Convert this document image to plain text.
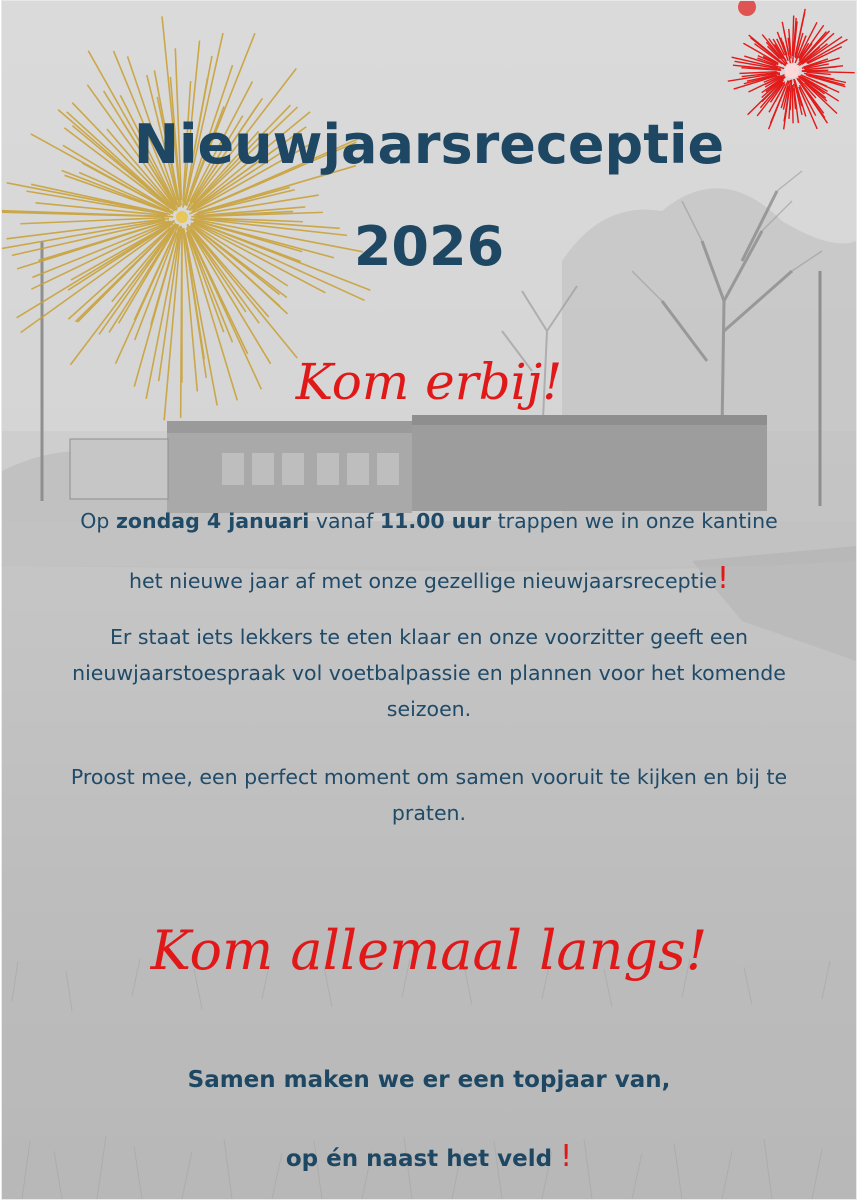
Nieuwjaarsreceptie
2026

Kom erbij!

Op zondag 4 januari vanaf 11.00 uur trappen we in onze kantine

het nieuwe jaar af met onze gezellige nieuwjaarsreceptie!

Er staat iets lekkers te eten klaar en onze voorzitter geeft een nieuwjaarstoespraak vol voetbalpassie en plannen voor het komende seizoen.

Proost mee, een perfect moment om samen vooruit te kijken en bij te praten.

Kom allemaal langs!

Samen maken we er een topjaar van,

op én naast het veld !
